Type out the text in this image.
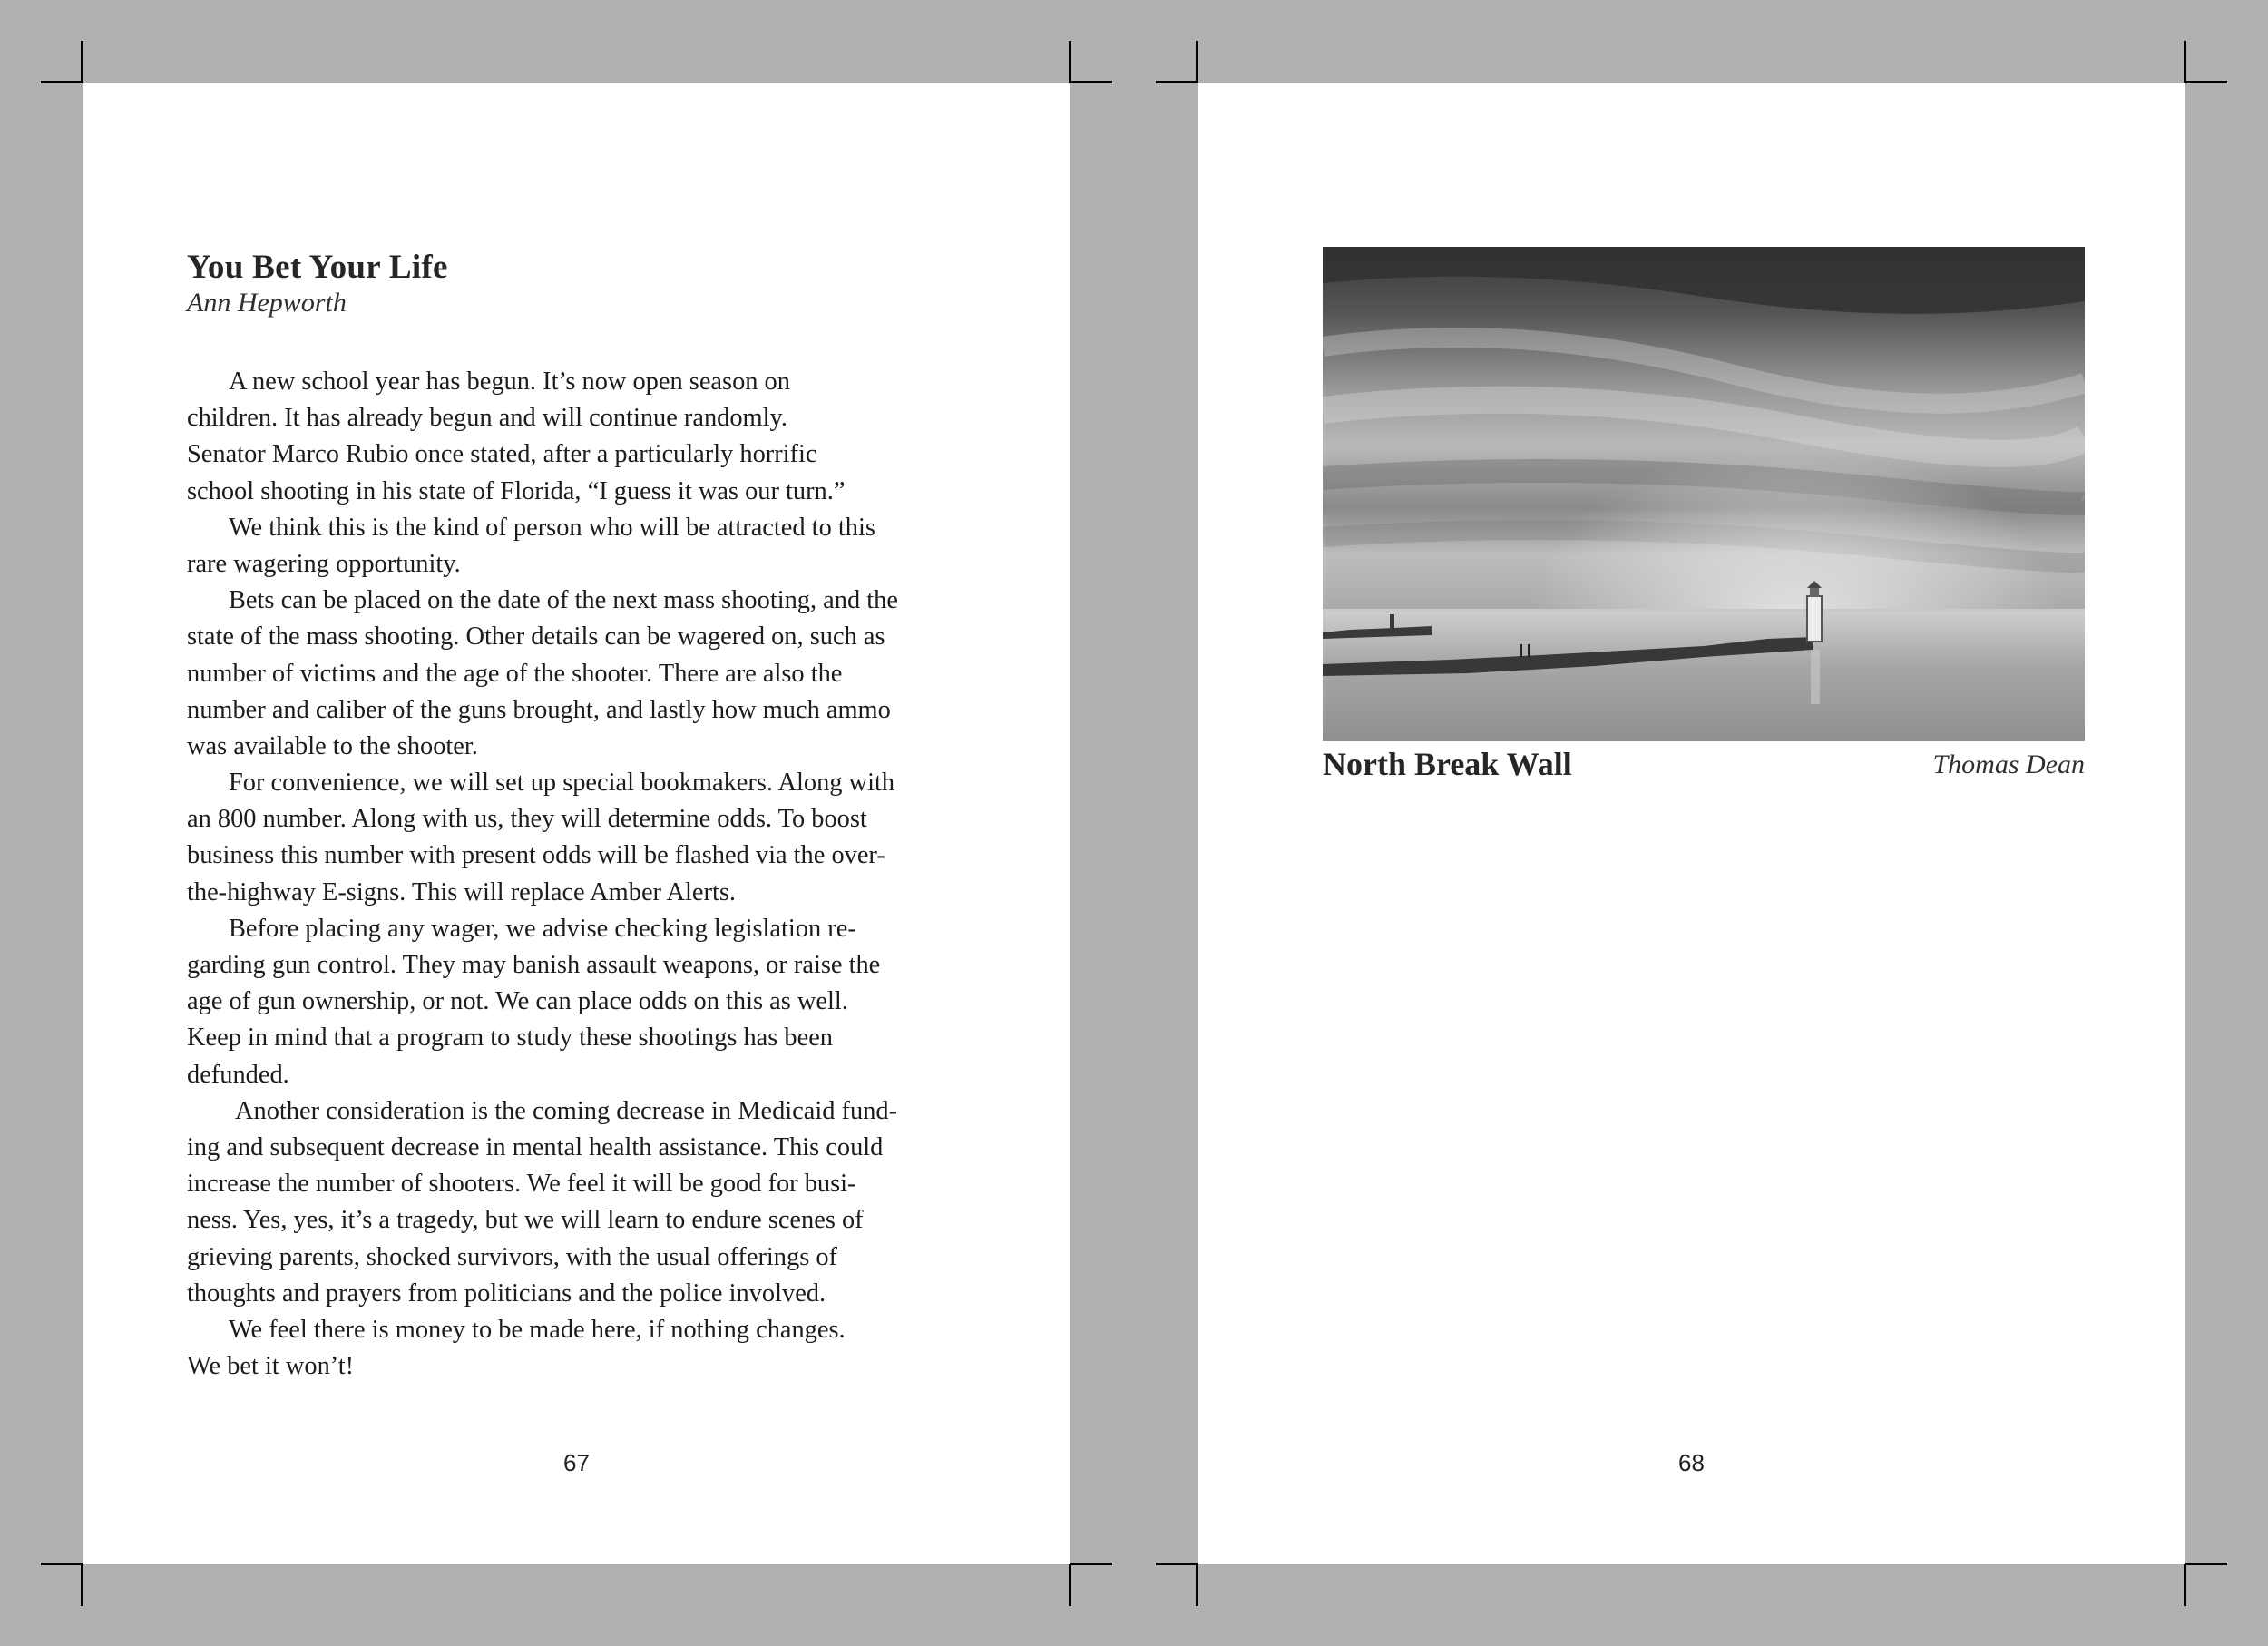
You Bet Your Life
Ann Hepworth
A new school year has begun. It’s now open season on
children. It has already begun and will continue randomly.
Senator Marco Rubio once stated, after a particularly horrific
school shooting in his state of Florida, “I guess it was our turn.”
We think this is the kind of person who will be attracted to this
rare wagering opportunity.
Bets can be placed on the date of the next mass shooting, and the
state of the mass shooting. Other details can be wagered on, such as
number of victims and the age of the shooter. There are also the
number and caliber of the guns brought, and lastly how much ammo
was available to the shooter.
For convenience, we will set up special bookmakers. Along with
an 800 number. Along with us, they will determine odds. To boost
business this number with present odds will be flashed via the over-
the-highway E-signs. This will replace Amber Alerts.
Before placing any wager, we advise checking legislation re-
garding gun control. They may banish assault weapons, or raise the
age of gun ownership, or not. We can place odds on this as well.
Keep in mind that a program to study these shootings has been
defunded.
Another consideration is the coming decrease in Medicaid fund-
ing and subsequent decrease in mental health assistance. This could
increase the number of shooters. We feel it will be good for busi-
ness. Yes, yes, it’s a tragedy, but we will learn to endure scenes of
grieving parents, shocked survivors, with the usual offerings of
thoughts and prayers from politicians and the police involved.
We feel there is money to be made here, if nothing changes.
We bet it won’t!
67
North Break Wall	Thomas Dean
68
